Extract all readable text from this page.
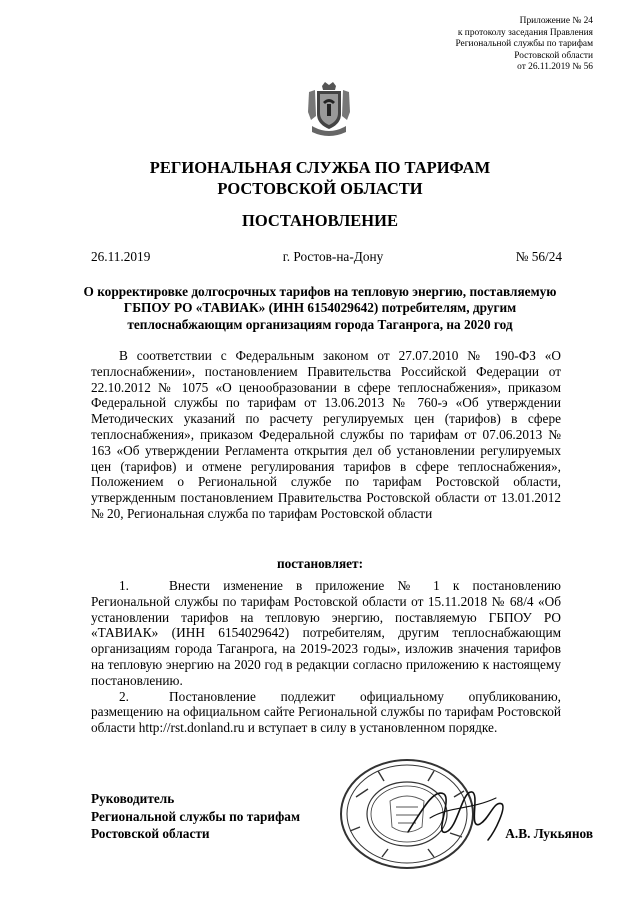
Приложение № 24
к протоколу заседания Правления
Региональной службы по тарифам
Ростовской области
от 26.11.2019 № 56
РЕГИОНАЛЬНАЯ СЛУЖБА ПО ТАРИФАМ
РОСТОВСКОЙ ОБЛАСТИ
ПОСТАНОВЛЕНИЕ
26.11.2019	г. Ростов-на-Дону	№ 56/24
О корректировке долгосрочных тарифов на тепловую энергию, поставляемую ГБПОУ РО «ТАВИАК» (ИНН 6154029642) потребителям, другим теплоснабжающим организациям города Таганрога, на 2020 год
В соответствии с Федеральным законом от 27.07.2010 № 190-ФЗ «О теплоснабжении», постановлением Правительства Российской Федерации от 22.10.2012 № 1075 «О ценообразовании в сфере теплоснабжения», приказом Федеральной службы по тарифам от 13.06.2013 № 760-э «Об утверждении Методических указаний по расчету регулируемых цен (тарифов) в сфере теплоснабжения», приказом Федеральной службы по тарифам от 07.06.2013 № 163 «Об утверждении Регламента открытия дел об установлении регулируемых цен (тарифов) и отмене регулирования тарифов в сфере теплоснабжения», Положением о Региональной службе по тарифам Ростовской области, утвержденным постановлением Правительства Ростовской области от 13.01.2012 № 20, Региональная служба по тарифам Ростовской области
постановляет:
1.	Внести изменение в приложение № 1 к постановлению Региональной службы по тарифам Ростовской области от 15.11.2018 № 68/4 «Об установлении тарифов на тепловую энергию, поставляемую ГБПОУ РО «ТАВИАК» (ИНН 6154029642) потребителям, другим теплоснабжающим организациям города Таганрога, на 2019-2023 годы», изложив значения тарифов на тепловую энергию на 2020 год в редакции согласно приложению к настоящему постановлению.
2.	Постановление подлежит официальному опубликованию, размещению на официальном сайте Региональной службы по тарифам Ростовской области http://rst.donland.ru и вступает в силу в установленном порядке.
Руководитель
Региональной службы по тарифам
Ростовской области	А.В. Лукьянов
